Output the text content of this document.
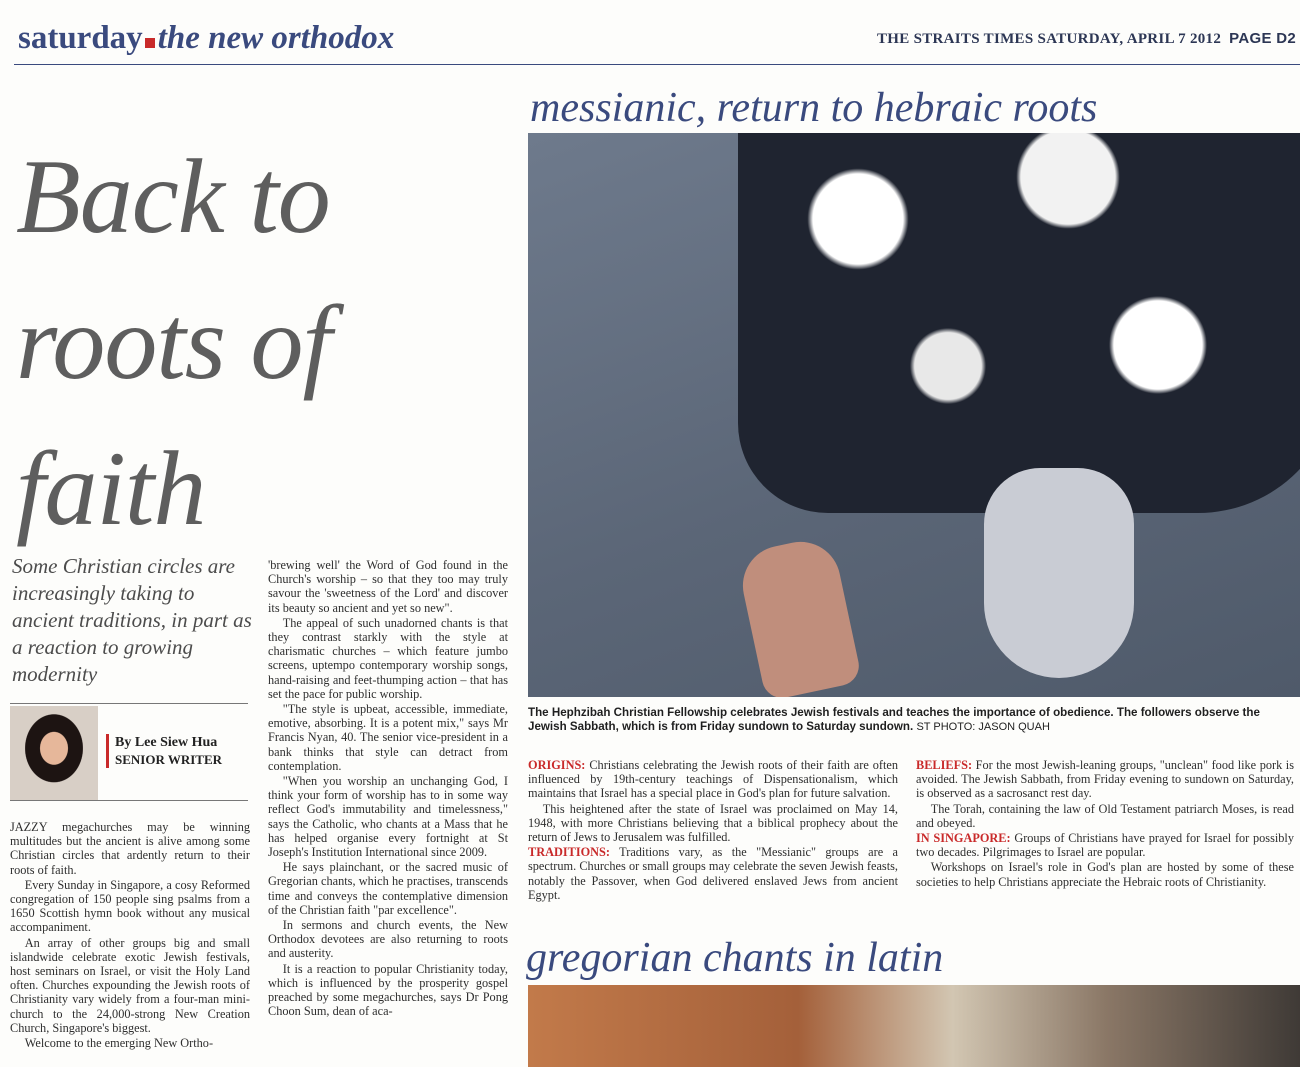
saturday the new orthodox	THE STRAITS TIMES SATURDAY, APRIL 7 2012 PAGE D2
Back to roots of faith
Some Christian circles are increasingly taking to ancient traditions, in part as a reaction to growing modernity
By Lee Siew Hua
SENIOR WRITER

JAZZY megachurches may be winning multitudes but the ancient is alive among some Christian circles that ardently return to their roots of faith.

Every Sunday in Singapore, a cosy Reformed congregation of 150 people sing psalms from a 1650 Scottish hymn book without any musical accompaniment.

An array of other groups big and small islandwide celebrate exotic Jewish festivals, host seminars on Israel, or visit the Holy Land often. Churches expounding the Jewish roots of Christianity vary widely from a four-man mini-church to the 24,000-strong New Creation Church, Singapore's biggest.

Welcome to the emerging New Ortho-

'brewing well' the Word of God found in the Church's worship – so that they too may truly savour the 'sweetness of the Lord' and discover its beauty so ancient and yet so new".

The appeal of such unadorned chants is that they contrast starkly with the style at charismatic churches – which feature jumbo screens, uptempo contemporary worship songs, hand-raising and feet-thumping action – that has set the pace for public worship.

"The style is upbeat, accessible, immediate, emotive, absorbing. It is a potent mix," says Mr Francis Nyan, 40. The senior vice-president in a bank thinks that style can detract from contemplation.

"When you worship an unchanging God, I think your form of worship has to in some way reflect God's immutability and timelessness," says the Catholic, who chants at a Mass that he has helped organise every fortnight at St Joseph's Institution International since 2009.

He says plainchant, or the sacred music of Gregorian chants, which he practises, transcends time and conveys the contemplative dimension of the Christian faith "par excellence".

In sermons and church events, the New Orthodox devotees are also returning to roots and austerity.

It is a reaction to popular Christianity today, which is influenced by the prosperity gospel preached by some megachurches, says Dr Pong Choon Sum, dean of aca-

messianic, return to hebraic roots
The Hephzibah Christian Fellowship celebrates Jewish festivals and teaches the importance of obedience. The followers observe the Jewish Sabbath, which is from Friday sundown to Saturday sundown. ST PHOTO: JASON QUAH

ORIGINS: Christians celebrating the Jewish roots of their faith are often influenced by 19th-century teachings of Dispensationalism, which maintains that Israel has a special place in God's plan for future salvation.

This heightened after the state of Israel was proclaimed on May 14, 1948, with more Christians believing that a biblical prophecy about the return of Jews to Jerusalem was fulfilled.

TRADITIONS: Traditions vary, as the "Messianic" groups are a spectrum. Churches or small groups may celebrate the seven Jewish feasts, notably the Passover, when God delivered enslaved Jews from ancient Egypt.

BELIEFS: For the most Jewish-leaning groups, "unclean" food like pork is avoided. The Jewish Sabbath, from Friday evening to sundown on Saturday, is observed as a sacrosanct rest day.

The Torah, containing the law of Old Testament patriarch Moses, is read and obeyed.

IN SINGAPORE: Groups of Christians have prayed for Israel for possibly two decades. Pilgrimages to Israel are popular.

Workshops on Israel's role in God's plan are hosted by some of these societies to help Christians appreciate the Hebraic roots of Christianity.

gregorian chants in latin
